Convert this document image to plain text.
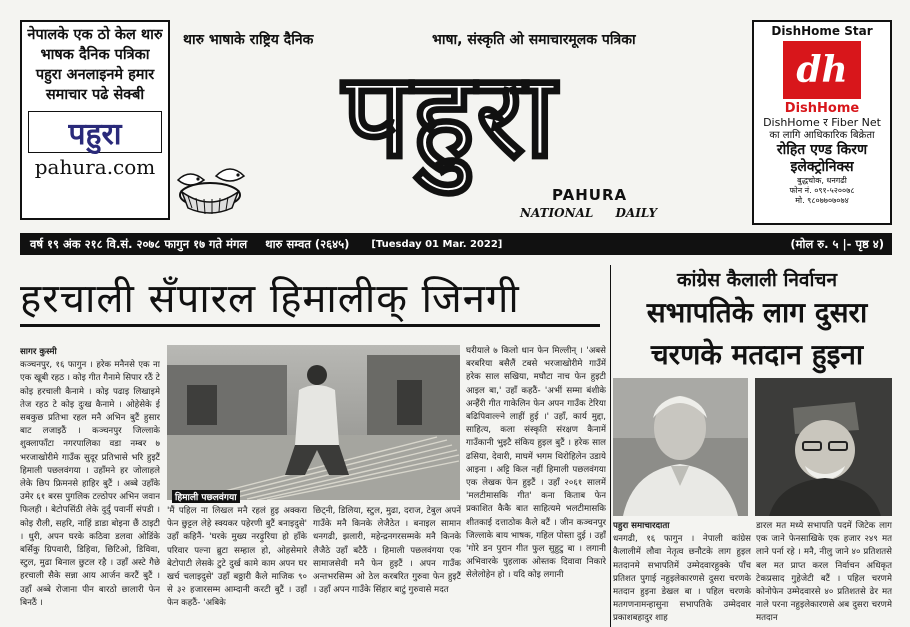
नेपालके एक ठो केल थारु भाषक दैनिक पत्रिका पहुरा अनलाइनमे हमार समाचार पढे सेक्बी
पहुरा
pahura.com
थारु भाषाके राष्ट्रिय दैनिक	भाषा, संस्कृति ओ समाचारमूलक पत्रिका
पहुरा
PAHURA
NATIONAL DAILY
DishHome Star
dh
DishHome
DishHome र Fiber Net
का लागि आधिकारिक बिक्रेता
रोहित एण्ड किरण इलेक्ट्रोनिक्स
बुद्धचोक, धनगढी
फोन नं. ०९१-५२००७८
मो. ९८०७७०७०७४
वर्ष १९ अंक २१८ वि.सं. २०७८ फागुन १७ गते मंगल थारु सम्वत (२६४५) [Tuesday 01 Mar. 2022]	(मोल रु. ५ |- पृष्ठ ४)
हरचाली सँपारल हिमालीक् जिनगी	कांग्रेस कैलाली निर्वाचन
सभापतिके लाग दुसरा चरणके मतदान हुइना
सागर कुस्मी
कञ्चनपुर, १६ फागुन । हरेक मनैनसे एक ना एक खूबी रहठ । कोइ गीत गैनामे सिपार रठैं टे कोइ हरचाली कैनामे । कोइ पढाइ लिखाइमे तेज रहठ टे कोइ दुःख कैनामे । ओहेसेके ई सबकुछ प्रतिभा रहल मनै अभिन बुटैं हुसार बाट लजाइठैं । कञ्चनपुर जिल्लाके शुक्लाफाँटा नगरपालिका वडा नम्बर ७ भरजाखोरीमे गाउँक सुदूर प्रतिभासे भरि हुइटैं हिमाली पछलवंगया । उहाँमने हर जोलाहले लेके छिप फ्रिमनसे हाहिर बुटैं । अब्बे उहाँके उमेर ६१ बरस पुगलिक टल्ठोपर अभिन जवान फिलही । बेटोपसिंठी लेके दुर्दुं पवार्नी संपडी । कोइ रौली, सहरि, नाहिं डाडा बोइना छैं ठाइटी । धुरी, अपन घरके कठिवा डलवा ओडिंके बर्सिकु ग्रिपवारी, डिहिवा, छिटिओ, डिविवा, स्टुल, मुढा बिनाल छुटल रहै । उहाँ अस्टे गैछे हरचाली सैके सन्ना आय आर्जन करटैं बुटैं । उहाँ अब्बे रोजाना पीन बारठो छालारी फेन बिनठैं ।
हिमाली पछलवंगया
'मैं पहिल ना लिखल मनै रहलं हुइ अक्करा फेन छुट्टल लेहे स्क्यकर पहेरणी बुटैं बनाइदुसे' उहाँ कहिनैं- 'घरके मुख्य नरढ़ुरिया हो हाँके परिवार पल्ना ब्रुटा सम्हाल हो, ओहसेमारे बेटोपाटी लेसके टुटे दुर्ख कामे काम अपन घर खर्च चलाइदुसे' उहाँ बठ्ठारी कैले माजिक ९० से ३२ हजारसम्म आम्दानी करटी बुटैं । उहाँ फेन कहठैं- 'अबिके
छिट्नी, डिलिया, स्टुल, मुढा, दराज, टेबुल अपनें गाउँके मनै किनके लेजैठेत । बनाइल सामान धनगढी, झलारी, महेन्द्रनगरसम्मके मनै किनके लैजैठे उहाँ बटैठैं । हिमाली पछलवंगया एक सामाजसेवी मनै फेन हुइटैं । अपन गाउँक अन्तभरसिम्म ओ ठेल करबरित गुरुवा फेन हुइटैं । उहाँ अपन गाउँके सिंहार बाटुं गुरुवासे मदत
घरीयाले ७ किलो धान फेन मिल्लीन् । 'अबसे बरबरिया बसैलैं टबसे भरजाखोरीमे गाउँमें हरेक साल सखिया, मघौटा नाच फेन हुइटी आइल बा,' उहाँ कहठैं- 'अभीं सम्मा बंशीके अन्हैंरी गीत गाकेलिन फेन अपन गाउँक टेरिया बढिपिवाल्ल्ने लाहीं हुई ।' उहाँ, कार्य मुद्दा, साहित्य, कला संस्कृति संरक्षण कैनामें गाउँकानी भुइटै संकिय हुइल बुटैं । हरेक साल ढसिया, देवारी, माघमें भगम थिरोहिलेन उडाये आइना । अट्टि किल नहीं हिमाली पछलवंगया एक लेखक फेन हुइटैं । उहाँ २०६१ सालमें 'मलटीमासकि गीत' कना किताब फेन प्रकाशित कैकै बात साहित्यमे भलटीमासकि शीतकाई दत्ताठोक कैले बटैं । जीन कञ्चनपुर जिल्लाके बाय भाषक, गहिल पोस्ता दुई । उहाँ 'गोरे डन पुरान गीत फुल सुहुटु बा । लगानी अभिवारके पुहलाक ओस्तक दिवावा निकारे सेलेलोहेन हो । यदि कोइ लगानी
पहुरा समाचारदाता
धनगढी, १६ फागुन । नेपाली कांग्रेस कैलालीमें लौवा नेतृत्व छनौटके लाग हुइल मतदानमे सभापतिमें उम्मेदवारहुक्के पाँच प्रतिशत पुगाई नहुइलेकारणसे दुसरा चरणके मतदान हुइना डेखल बा । पहिल चरणके मतगणनामन्हासुना सभापतिके उम्मेदवार प्रकाशबहादुर शाह
डारल मत मध्ये सभापति पदमें जिटेक लाग एक जाने फेनसाखिके एक हजार २४९ मत लाने पर्ना रहे । मनै, नीलु जाने ४० प्रतिशतसे बल मत प्राप्त करल निर्वाचन अधिकृत टेकप्रसाद गुहेजेटी बटैं । पहिल चरणमे कोनोफेन उम्मेदवारसे ४० प्रतिशतसे ढेर मत नाले परना नहुइलेकारणसे अब दुसरा चरणमे मतदान
